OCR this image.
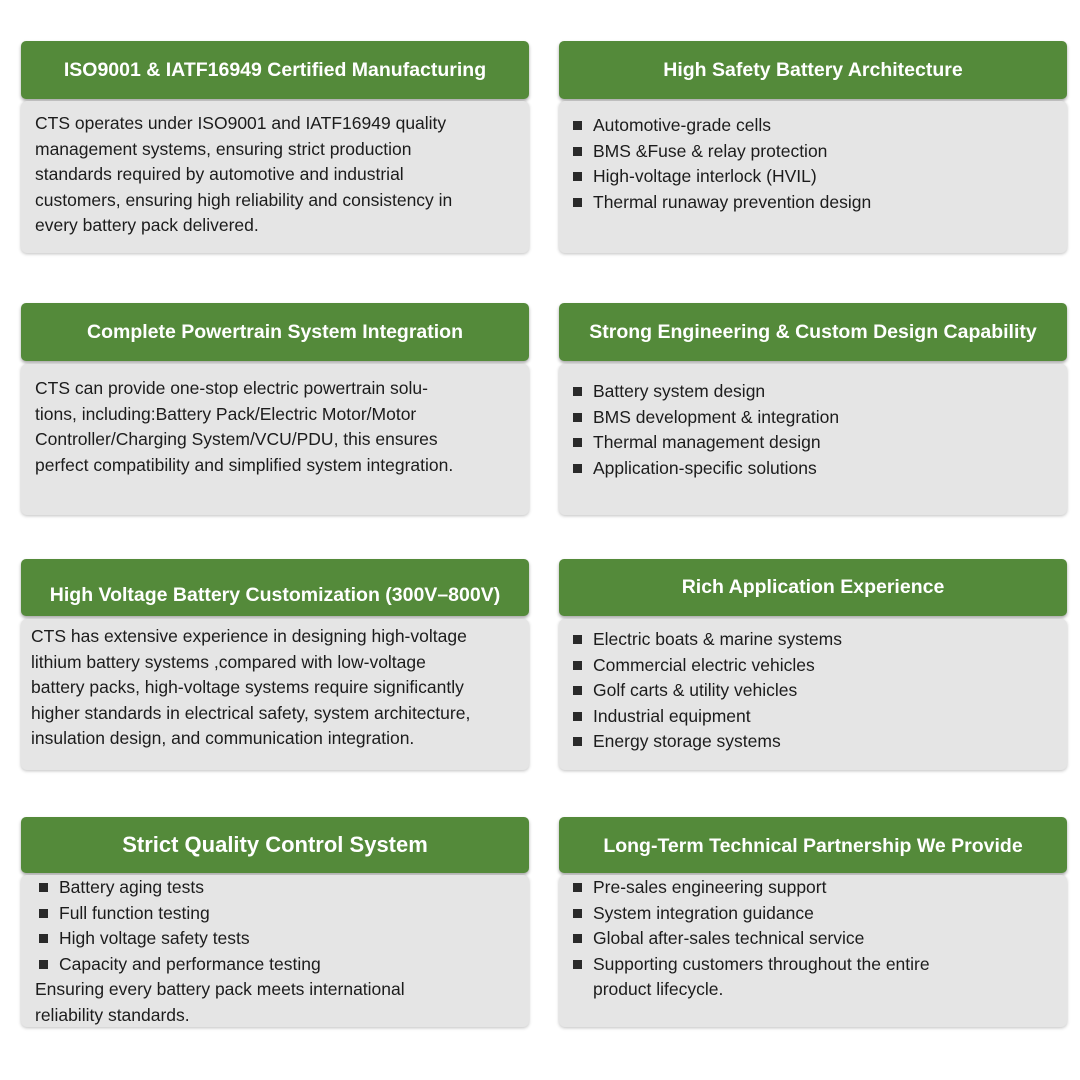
ISO9001 & IATF16949 Certified Manufacturing
CTS operates under ISO9001 and IATF16949 quality
management systems, ensuring strict production
standards required by automotive and industrial
customers, ensuring high reliability and consistency in
every battery pack delivered.
High Safety Battery Architecture
Automotive-grade cells
BMS &Fuse & relay protection
High-voltage interlock (HVIL)
Thermal runaway prevention design
Complete Powertrain System Integration
CTS can provide one-stop electric powertrain solu-
tions, including:Battery Pack/Electric Motor/Motor
Controller/Charging System/VCU/PDU, this ensures
perfect compatibility and simplified system integration.
Strong Engineering & Custom Design Capability
Battery system design
BMS development & integration
Thermal management design
Application-specific solutions
High Voltage Battery Customization (300V–800V)
CTS has extensive experience in designing high-voltage
lithium battery systems ,compared with low-voltage
battery packs, high-voltage systems require significantly
higher standards in electrical safety, system architecture,
insulation design, and communication integration.
Rich Application Experience
Electric boats & marine systems
Commercial electric vehicles
Golf carts & utility vehicles
Industrial equipment
Energy storage systems
Strict Quality Control System
Battery aging tests
Full function testing
High voltage safety tests
Capacity and performance testing
Ensuring every battery pack meets international
reliability standards.
Long-Term Technical Partnership We Provide
Pre-sales engineering support
System integration guidance
Global after-sales technical service
Supporting customers throughout the entire
product lifecycle.
